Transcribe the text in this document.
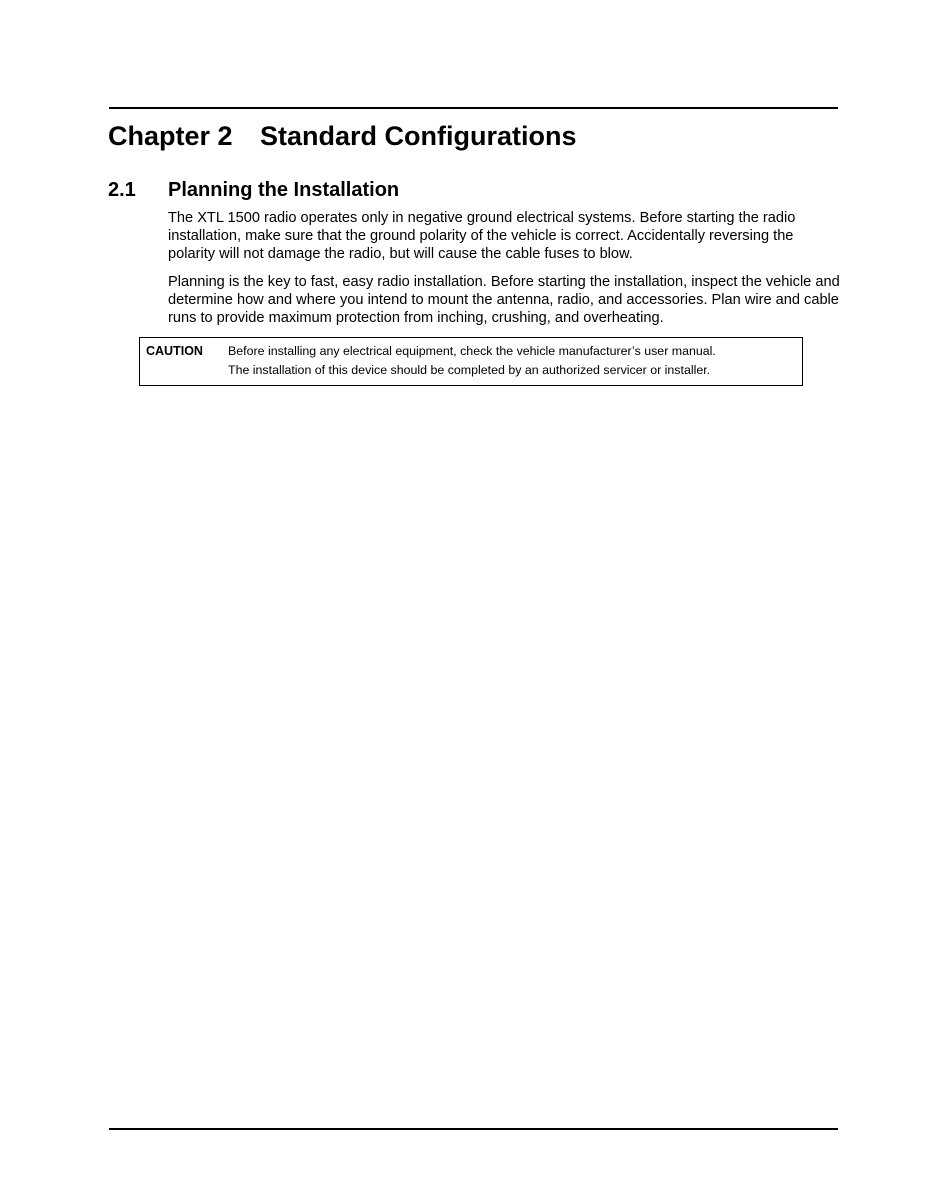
Chapter 2 Standard Configurations
2.1 Planning the Installation

The XTL 1500 radio operates only in negative ground electrical systems. Before starting the radio installation, make sure that the ground polarity of the vehicle is correct. Accidentally reversing the polarity will not damage the radio, but will cause the cable fuses to blow.

Planning is the key to fast, easy radio installation. Before starting the installation, inspect the vehicle and determine how and where you intend to mount the antenna, radio, and accessories. Plan wire and cable runs to provide maximum protection from inching, crushing, and overheating.

CAUTION Before installing any electrical equipment, check the vehicle manufacturer’s user manual.
The installation of this device should be completed by an authorized servicer or installer.
